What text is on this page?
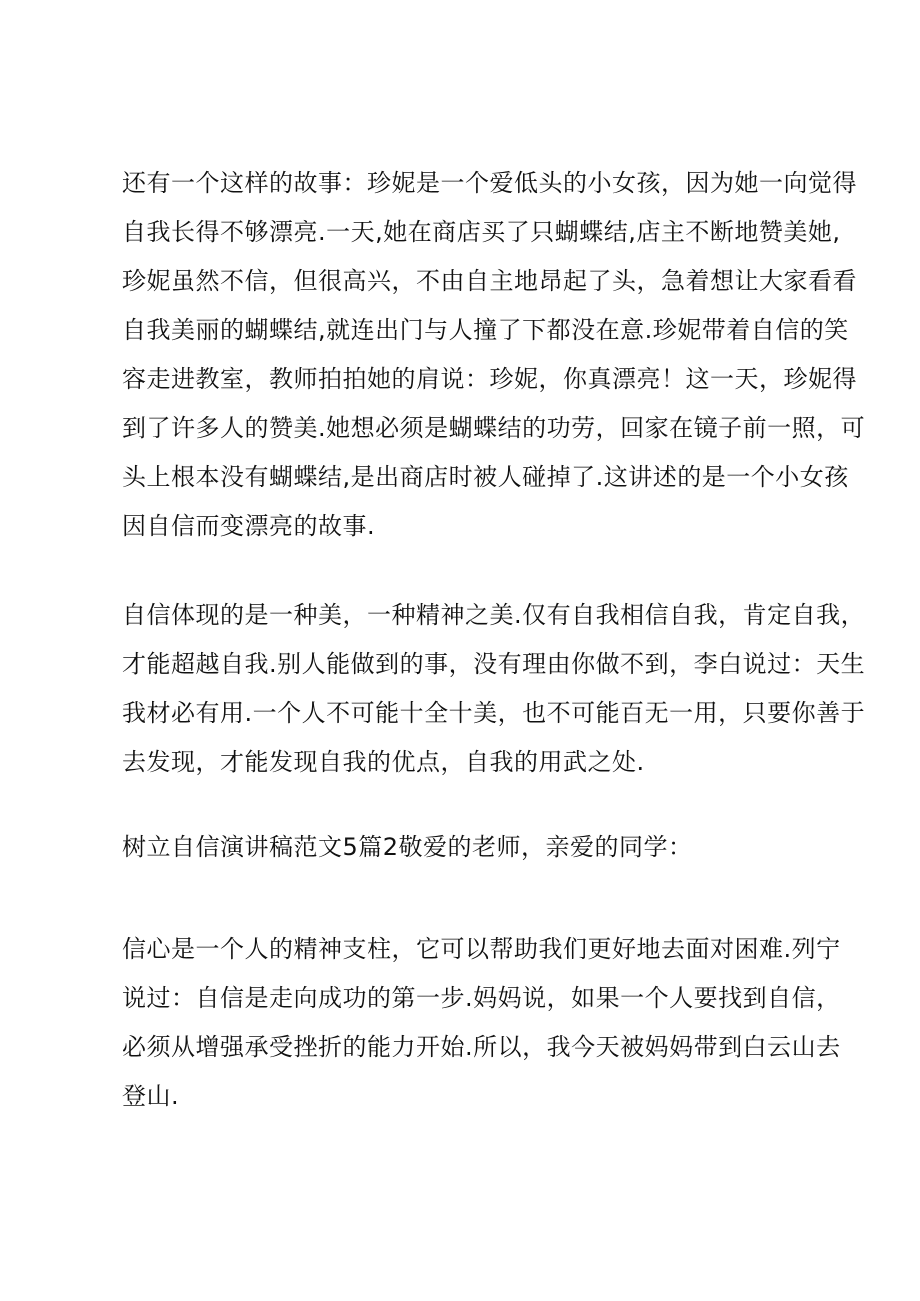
还有一个这样的故事：珍妮是一个爱低头的小女孩，因为她一向觉得
自我长得不够漂亮.一天,她在商店买了只蝴蝶结,店主不断地赞美她,
珍妮虽然不信，但很高兴，不由自主地昂起了头，急着想让大家看看
自我美丽的蝴蝶结,就连出门与人撞了下都没在意.珍妮带着自信的笑
容走进教室，教师拍拍她的肩说：珍妮，你真漂亮！这一天，珍妮得
到了许多人的赞美.她想必须是蝴蝶结的功劳，回家在镜子前一照，可
头上根本没有蝴蝶结,是出商店时被人碰掉了.这讲述的是一个小女孩
因自信而变漂亮的故事.
自信体现的是一种美，一种精神之美.仅有自我相信自我，肯定自我，
才能超越自我.别人能做到的事，没有理由你做不到，李白说过：天生
我材必有用.一个人不可能十全十美，也不可能百无一用，只要你善于
去发现，才能发现自我的优点，自我的用武之处.
树立自信演讲稿范文5篇2敬爱的老师，亲爱的同学：
信心是一个人的精神支柱，它可以帮助我们更好地去面对困难.列宁
说过：自信是走向成功的第一步.妈妈说，如果一个人要找到自信，
必须从增强承受挫折的能力开始.所以，我今天被妈妈带到白云山去
登山.
